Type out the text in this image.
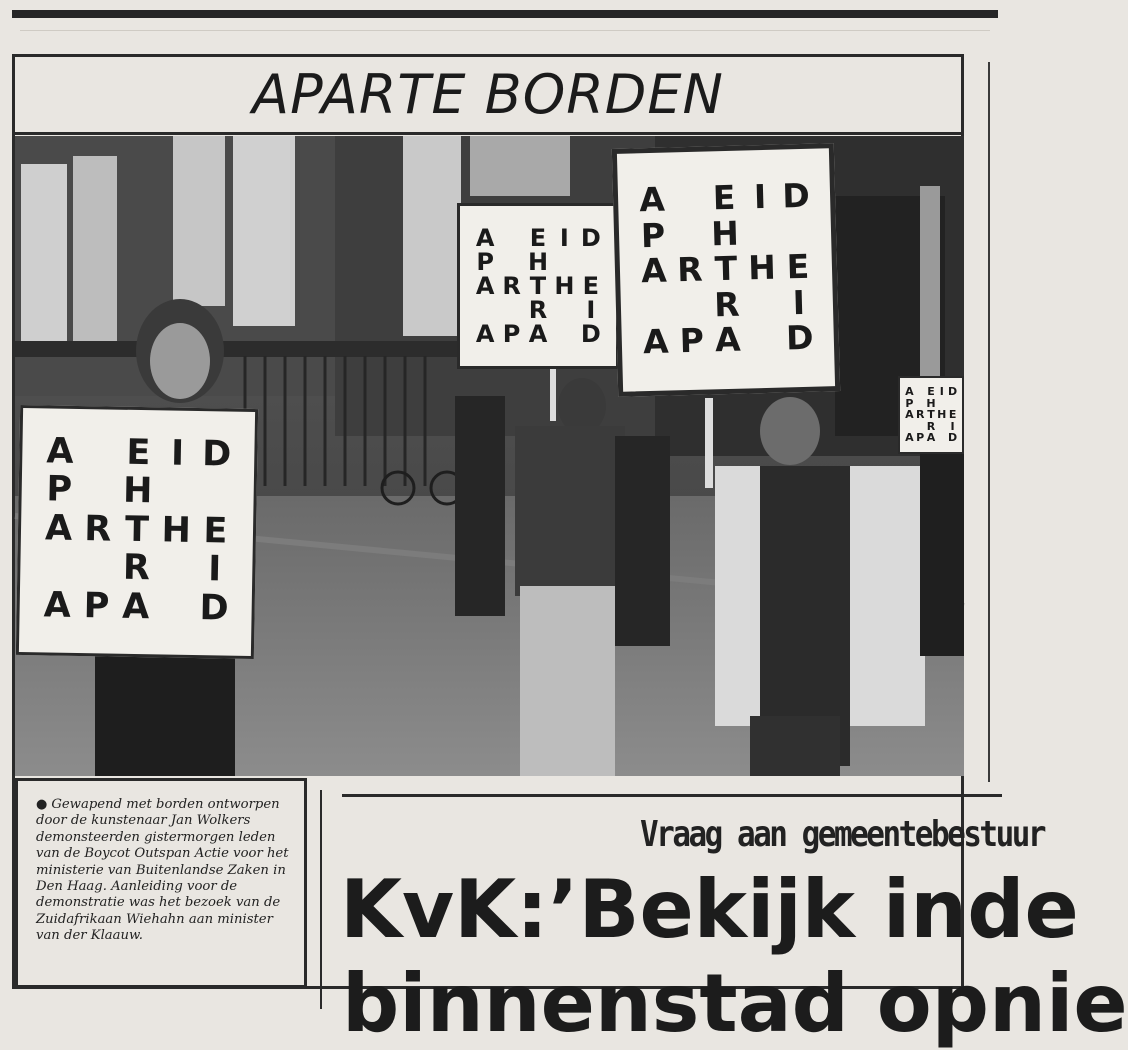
APARTE BORDEN
A E I D
P H
A R T H E
R	I
A P A D
A E I D
P H
A R T H E
R	I
A P A D
A E I D
P H
A R T H E
R	I
A P A D
A E I D
P H
A R T H E
R	I
A P A D

● Gewapend met borden ontworpen door de kunstenaar Jan Wolkers demonsteerden gistermorgen leden van de Boycot Outspan Actie voor het ministerie van Buitenlandse Zaken in Den Haag. Aanleiding voor de demonstratie was het bezoek van de Zuidafrikaan Wiehahn aan minister van der Klaauw.

Vraag aan gemeentebestuur
KvK:’Bekijk inde
binnenstad opnie
